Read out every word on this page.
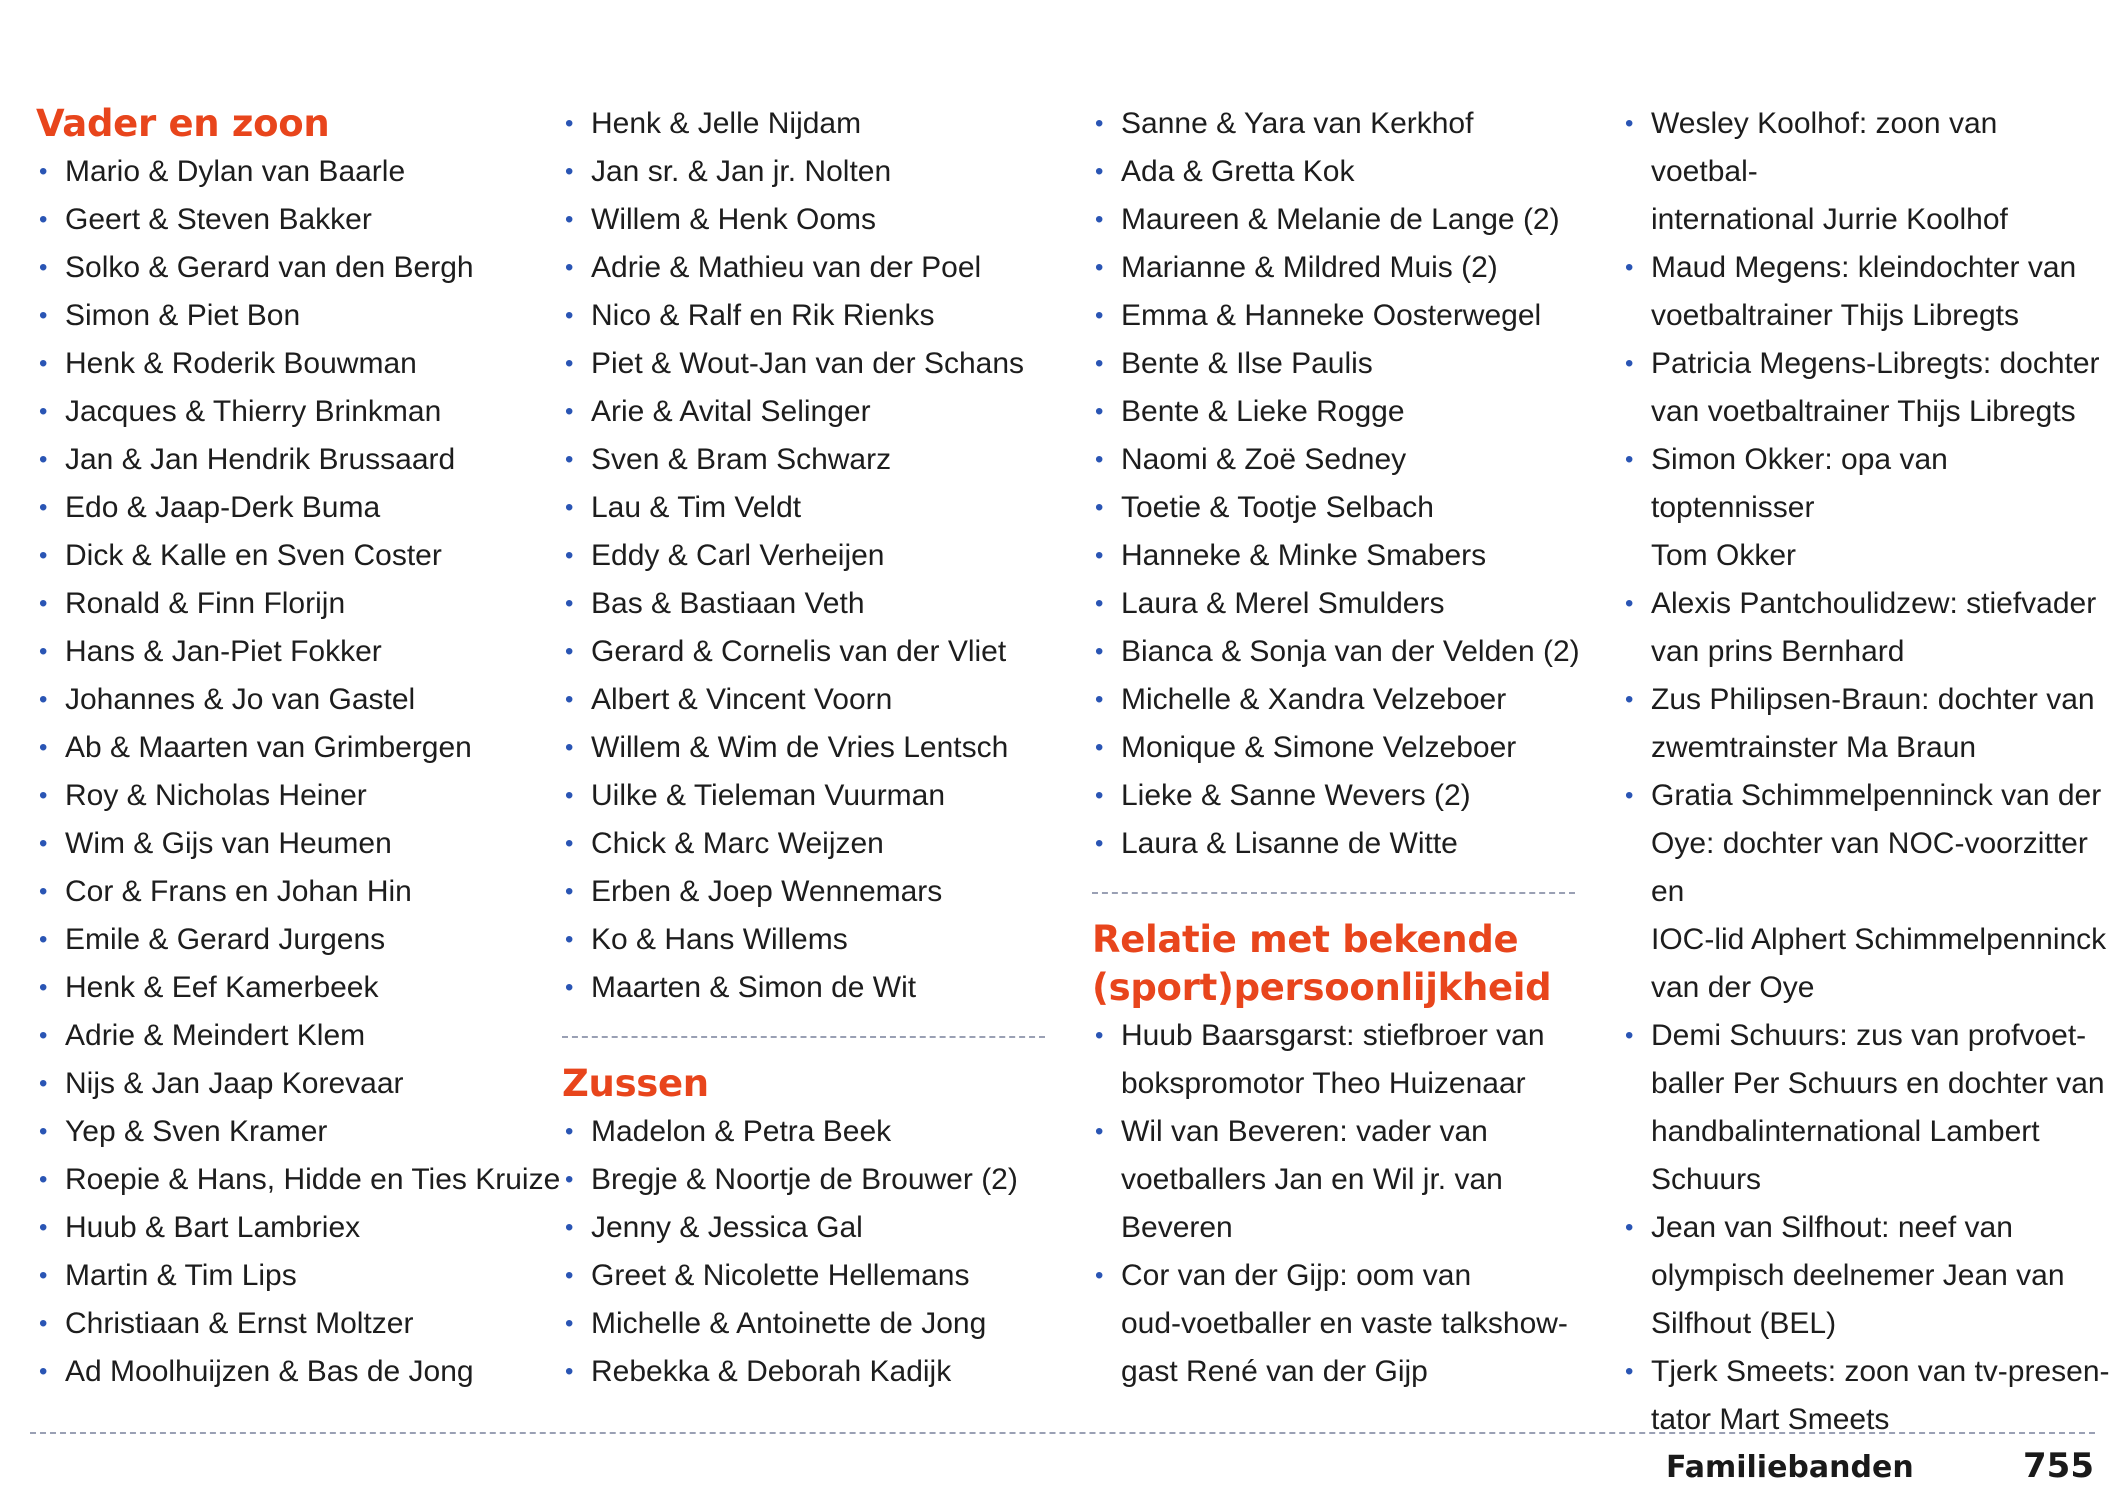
Vader en zoon
• Mario & Dylan van Baarle
• Geert & Steven Bakker
• Solko & Gerard van den Bergh
• Simon & Piet Bon
• Henk & Roderik Bouwman
• Jacques & Thierry Brinkman
• Jan & Jan Hendrik Brussaard
• Edo & Jaap-Derk Buma
• Dick & Kalle en Sven Coster
• Ronald & Finn Florijn
• Hans & Jan-Piet Fokker
• Johannes & Jo van Gastel
• Ab & Maarten van Grimbergen
• Roy & Nicholas Heiner
• Wim & Gijs van Heumen
• Cor & Frans en Johan Hin
• Emile & Gerard Jurgens
• Henk & Eef Kamerbeek
• Adrie & Meindert Klem
• Nijs & Jan Jaap Korevaar
• Yep & Sven Kramer
• Roepie & Hans, Hidde en Ties Kruize
• Huub & Bart Lambriex
• Martin & Tim Lips
• Christiaan & Ernst Moltzer
• Ad Moolhuijzen & Bas de Jong
• Henk & Jelle Nijdam
• Jan sr. & Jan jr. Nolten
• Willem & Henk Ooms
• Adrie & Mathieu van der Poel
• Nico & Ralf en Rik Rienks
• Piet & Wout-Jan van der Schans
• Arie & Avital Selinger
• Sven & Bram Schwarz
• Lau & Tim Veldt
• Eddy & Carl Verheijen
• Bas & Bastiaan Veth
• Gerard & Cornelis van der Vliet
• Albert & Vincent Voorn
• Willem & Wim de Vries Lentsch
• Uilke & Tieleman Vuurman
• Chick & Marc Weijzen
• Erben & Joep Wennemars
• Ko & Hans Willems
• Maarten & Simon de Wit
Zussen
• Madelon & Petra Beek
• Bregje & Noortje de Brouwer (2)
• Jenny & Jessica Gal
• Greet & Nicolette Hellemans
• Michelle & Antoinette de Jong
• Rebekka & Deborah Kadijk
• Sanne & Yara van Kerkhof
• Ada & Gretta Kok
• Maureen & Melanie de Lange (2)
• Marianne & Mildred Muis (2)
• Emma & Hanneke Oosterwegel
• Bente & Ilse Paulis
• Bente & Lieke Rogge
• Naomi & Zoë Sedney
• Toetie & Tootje Selbach
• Hanneke & Minke Smabers
• Laura & Merel Smulders
• Bianca & Sonja van der Velden (2)
• Michelle & Xandra Velzeboer
• Monique & Simone Velzeboer
• Lieke & Sanne Wevers (2)
• Laura & Lisanne de Witte
Relatie met bekende
(sport)persoonlijkheid
• Huub Baarsgarst: stiefbroer van
bokspromotor Theo Huizenaar
• Wil van Beveren: vader van
voetballers Jan en Wil jr. van
Beveren
• Cor van der Gijp: oom van
oud-voetballer en vaste talkshow-
gast René van der Gijp
• Wesley Koolhof: zoon van voetbal-
international Jurrie Koolhof
• Maud Megens: kleindochter van
voetbaltrainer Thijs Libregts
• Patricia Megens-Libregts: dochter
van voetbaltrainer Thijs Libregts
• Simon Okker: opa van toptennisser
Tom Okker
• Alexis Pantchoulidzew: stiefvader
van prins Bernhard
• Zus Philipsen-Braun: dochter van
zwemtrainster Ma Braun
• Gratia Schimmelpenninck van der
Oye: dochter van NOC-voorzitter en
IOC-lid Alphert Schimmelpenninck
van der Oye
• Demi Schuurs: zus van profvoet-
baller Per Schuurs en dochter van
handbalinternational Lambert
Schuurs
• Jean van Silfhout: neef van
olympisch deelnemer Jean van
Silfhout (BEL)
• Tjerk Smeets: zoon van tv-presen-
tator Mart Smeets
Familiebanden	755
